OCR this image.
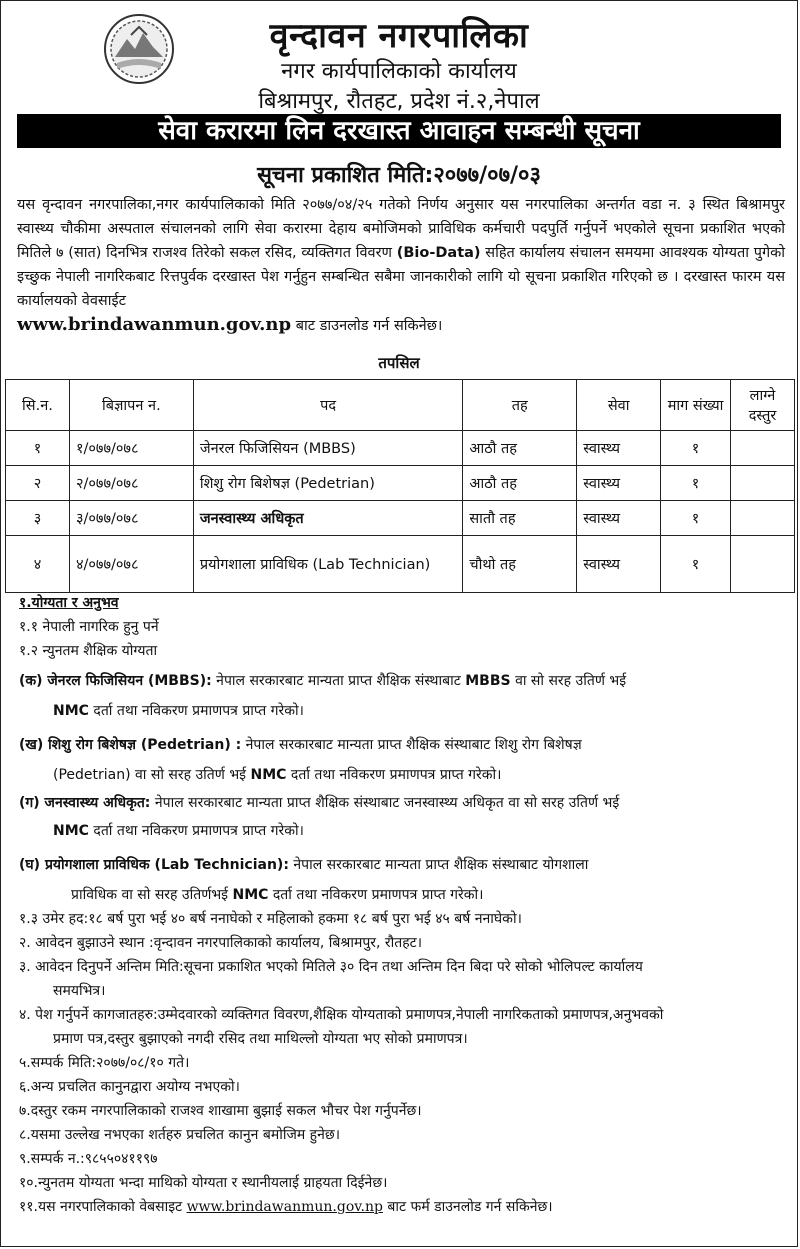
वृन्दावन नगरपालिका
नगर कार्यपालिकाको कार्यालय
बिश्रामपुर, रौतहट, प्रदेश नं.२,नेपाल
सेवा करारमा लिन दरखास्त आवाहन सम्बन्धी सूचना
सूचना प्रकाशित मिति:२०७७/०७/०३
यस वृन्दावन नगरपालिका,नगर कार्यपालिकाको मिति २०७७/०४/२५ गतेको निर्णय अनुसार यस नगरपालिका अन्तर्गत वडा न. ३ स्थित बिश्रामपुर स्वास्थ्य चौकीमा अस्पताल संचालनको लागि सेवा करारमा देहाय बमोजिमको प्राविधिक कर्मचारी पदपुर्ति गर्नुपर्ने भएकोले सूचना प्रकाशित भएको मितिले ७ (सात) दिनभित्र राजश्व तिरेको सकल रसिद, व्यक्तिगत विवरण (Bio-Data) सहित कार्यालय संचालन समयमा आवश्यक योग्यता पुगेको इच्छुक नेपाली नागरिकबाट रित्तपुर्वक दरखास्त पेश गर्नुहुन सम्बन्धित सबैमा जानकारीको लागि यो सूचना प्रकाशित गरिएको छ । दरखास्त फारम यस कार्यालयको वेवसाईट
www.brindawanmun.gov.np बाट डाउनलोड गर्न सकिनेछ।
तपसिल
सि.न.	बिज्ञापन न.	पद	तह	सेवा	माग संख्या	लाग्ने दस्तुर
१	१/०७७/०७८	जेनरल फिजिसियन (MBBS)	आठौ तह	स्वास्थ्य	१	
२	२/०७७/०७८	शिशु रोग बिशेषज्ञ (Pedetrian)	आठौ तह	स्वास्थ्य	१	
३	३/०७७/०७८	जनस्वास्थ्य अधिकृत	सातौ तह	स्वास्थ्य	१	
४	४/०७७/०७८	प्रयोगशाला प्राविधिक (Lab Technician)	चौथो तह	स्वास्थ्य	१	
१.योग्यता र अनुभव
१.१ नेपाली नागरिक हुनु पर्ने
१.२ न्युनतम शैक्षिक योग्यता
(क) जेनरल फिजिसियन (MBBS): नेपाल सरकारबाट मान्यता प्राप्त शैक्षिक संस्थाबाट MBBS वा सो सरह उतिर्ण भई
NMC दर्ता तथा नविकरण प्रमाणपत्र प्राप्त गरेको।
(ख) शिशु रोग बिशेषज्ञ (Pedetrian) : नेपाल सरकारबाट मान्यता प्राप्त शैक्षिक संस्थाबाट शिशु रोग बिशेषज्ञ
(Pedetrian) वा सो सरह उतिर्ण भई NMC दर्ता तथा नविकरण प्रमाणपत्र प्राप्त गरेको।
(ग) जनस्वास्थ्य अधिकृत: नेपाल सरकारबाट मान्यता प्राप्त शैक्षिक संस्थाबाट जनस्वास्थ्य अधिकृत वा सो सरह उतिर्ण भई
NMC दर्ता तथा नविकरण प्रमाणपत्र प्राप्त गरेको।
(घ) प्रयोगशाला प्राविधिक (Lab Technician): नेपाल सरकारबाट मान्यता प्राप्त शैक्षिक संस्थाबाट योगशाला
प्राविधिक वा सो सरह उतिर्णभई NMC दर्ता तथा नविकरण प्रमाणपत्र प्राप्त गरेको।
१.३ उमेर हद:१८ बर्ष पुरा भई ४० बर्ष ननाघेको र महिलाको हकमा १८ बर्ष पुरा भई ४५ बर्ष ननाघेको।
२. आवेदन बुझाउने स्थान :वृन्दावन नगरपालिकाको कार्यालय, बिश्रामपुर, रौतहट।
३. आवेदन दिनुपर्ने अन्तिम मिति:सूचना प्रकाशित भएको मितिले ३० दिन तथा अन्तिम दिन बिदा परे सोको भोलिपल्ट कार्यालय
समयभित्र।
४. पेश गर्नुपर्ने कागजातहरु:उम्मेदवारको व्यक्तिगत विवरण,शैक्षिक योग्यताको प्रमाणपत्र,नेपाली नागरिकताको प्रमाणपत्र,अनुभवको
प्रमाण पत्र,दस्तुर बुझाएको नगदी रसिद तथा माथिल्लो योग्यता भए सोको प्रमाणपत्र।
५.सम्पर्क मिति:२०७७/०८/१० गते।
६.अन्य प्रचलित कानुनद्वारा अयोग्य नभएको।
७.दस्तुर रकम नगरपालिकाको राजश्व शाखामा बुझाई सकल भौचर पेश गर्नुपर्नेछ।
८.यसमा उल्लेख नभएका शर्तहरु प्रचलित कानुन बमोजिम हुनेछ।
९.सम्पर्क न.:९८५५०४११९७
१०.न्युनतम योग्यता भन्दा माथिको योग्यता र स्थानीयलाई ग्राहयता दिईनेछ।
११.यस नगरपालिकाको वेबसाइट www.brindawanmun.gov.np बाट फर्म डाउनलोड गर्न सकिनेछ।
